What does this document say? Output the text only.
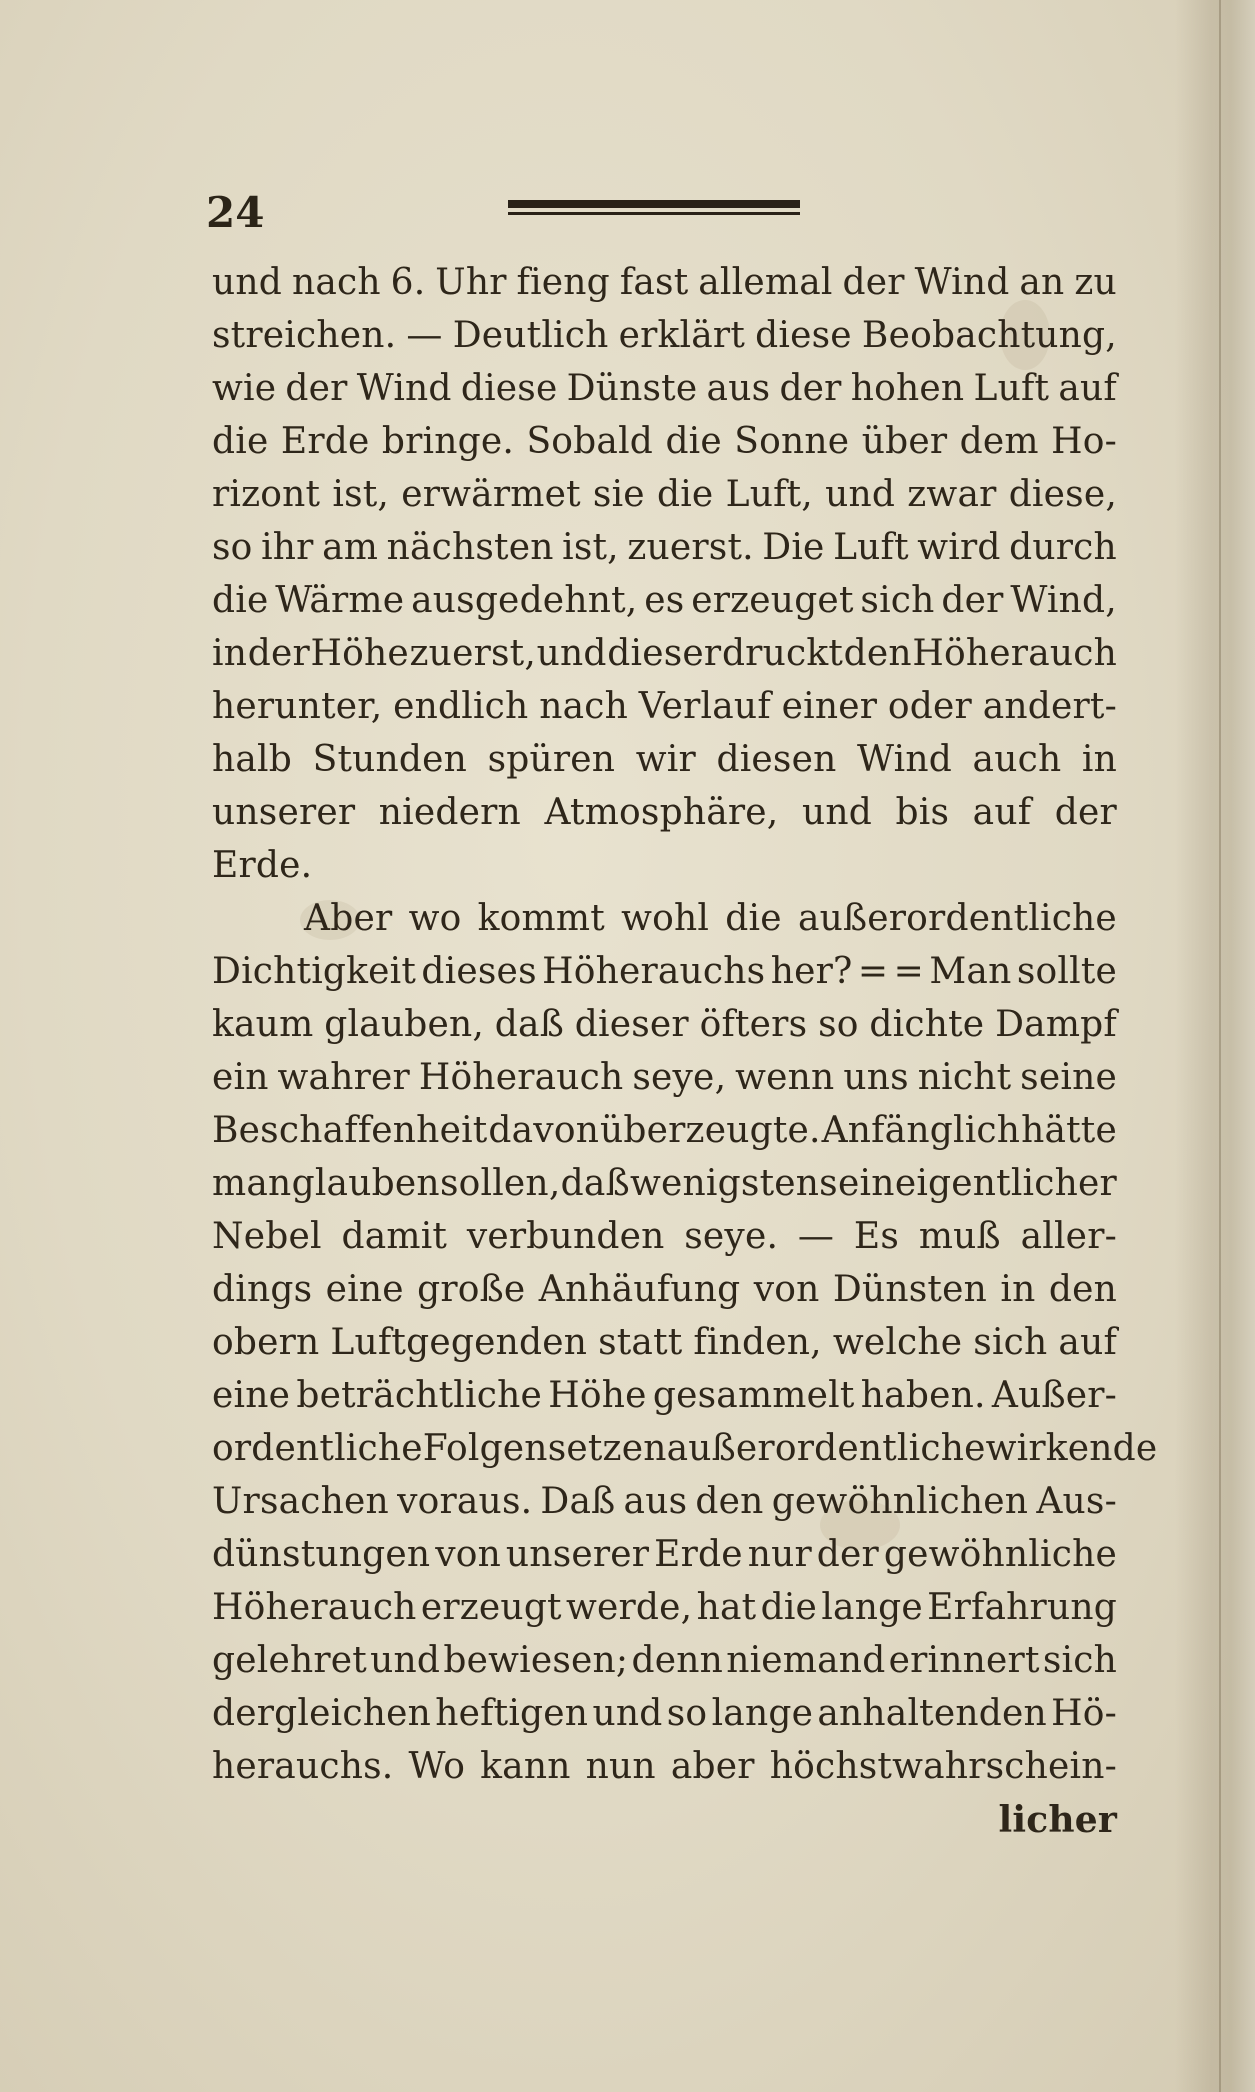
24
und nach 6. Uhr fieng fast allemal der Wind an zu
streichen. — Deutlich erklärt diese Beobachtung,
wie der Wind diese Dünste aus der hohen Luft auf
die Erde bringe. Sobald die Sonne über dem Ho-
rizont ist, erwärmet sie die Luft, und zwar diese,
so ihr am nächsten ist, zuerst. Die Luft wird durch
die Wärme ausgedehnt, es erzeuget sich der Wind,
in der Höhe zuerst, und dieser druckt den Höherauch
herunter, endlich nach Verlauf einer oder andert-
halb Stunden spüren wir diesen Wind auch in
unserer niedern Atmosphäre, und bis auf der
Erde.
Aber wo kommt wohl die außerordentliche
Dichtigkeit dieses Höherauchs her? = = Man sollte
kaum glauben, daß dieser öfters so dichte Dampf
ein wahrer Höherauch seye, wenn uns nicht seine
Beschaffenheit davon überzeugte. Anfänglich hätte
man glauben sollen, daß wenigstens ein eigentlicher
Nebel damit verbunden seye. — Es muß aller-
dings eine große Anhäufung von Dünsten in den
obern Luftgegenden statt finden, welche sich auf
eine beträchtliche Höhe gesammelt haben. Außer-
ordentliche Folgen setzen außerordentliche wirkende
Ursachen voraus. Daß aus den gewöhnlichen Aus-
dünstungen von unserer Erde nur der gewöhnliche
Höherauch erzeugt werde, hat die lange Erfahrung
gelehret und bewiesen; denn niemand erinnert sich
dergleichen heftigen und so lange anhaltenden Hö-
herauchs. Wo kann nun aber höchstwahrschein-
licher
